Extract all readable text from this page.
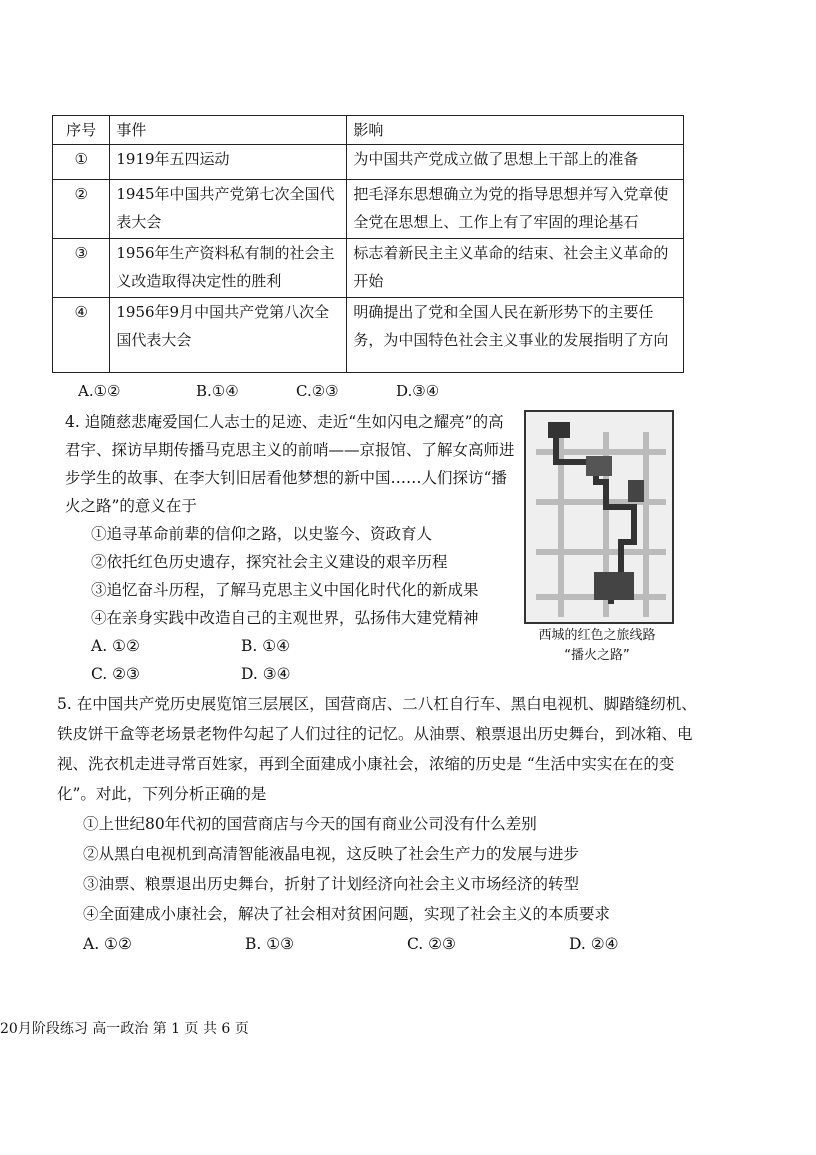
序号	事件	影响
①	1919年五四运动	为中国共产党成立做了思想上干部上的准备
②	1945年中国共产党第七次全国代表大会	把毛泽东思想确立为党的指导思想并写入党章使全党在思想上、工作上有了牢固的理论基石
③	1956年生产资料私有制的社会主义改造取得决定性的胜利	标志着新民主主义革命的结束、社会主义革命的开始
④	1956年9月中国共产党第八次全国代表大会	明确提出了党和全国人民在新形势下的主要任务，为中国特色社会主义事业的发展指明了方向
A.①②	B.①④	C.②③	D.③④

4. 追随慈悲庵爱国仁人志士的足迹、走近“生如闪电之耀亮”的高君宇、探访早期传播马克思主义的前哨——京报馆、了解女高师进步学生的故事、在李大钊旧居看他梦想的新中国……人们探访“播火之路”的意义在于

①追寻革命前辈的信仰之路，以史鉴今、资政育人

②依托红色历史遗存，探究社会主义建设的艰辛历程

③追忆奋斗历程，了解马克思主义中国化时代化的新成果

④在亲身实践中改造自己的主观世界，弘扬伟大建党精神

A. ①②	B. ①④
C. ②③	D. ③④
西城的红色之旅线路
“播火之路”

5. 在中国共产党历史展览馆三层展区，国营商店、二八杠自行车、黑白电视机、脚踏缝纫机、铁皮饼干盒等老场景老物件勾起了人们过往的记忆。从油票、粮票退出历史舞台，到冰箱、电视、洗衣机走进寻常百姓家，再到全面建成小康社会，浓缩的历史是 “生活中实实在在的变化”。对此，下列分析正确的是

①上世纪80年代初的国营商店与今天的国有商业公司没有什么差别

②从黑白电视机到高清智能液晶电视，这反映了社会生产力的发展与进步

③油票、粮票退出历史舞台，折射了计划经济向社会主义市场经济的转型

④全面建成小康社会，解决了社会相对贫困问题，实现了社会主义的本质要求

A. ①②	B. ①③	C. ②③	D. ②④
20月阶段练习 高一政治 第 1 页 共 6 页
